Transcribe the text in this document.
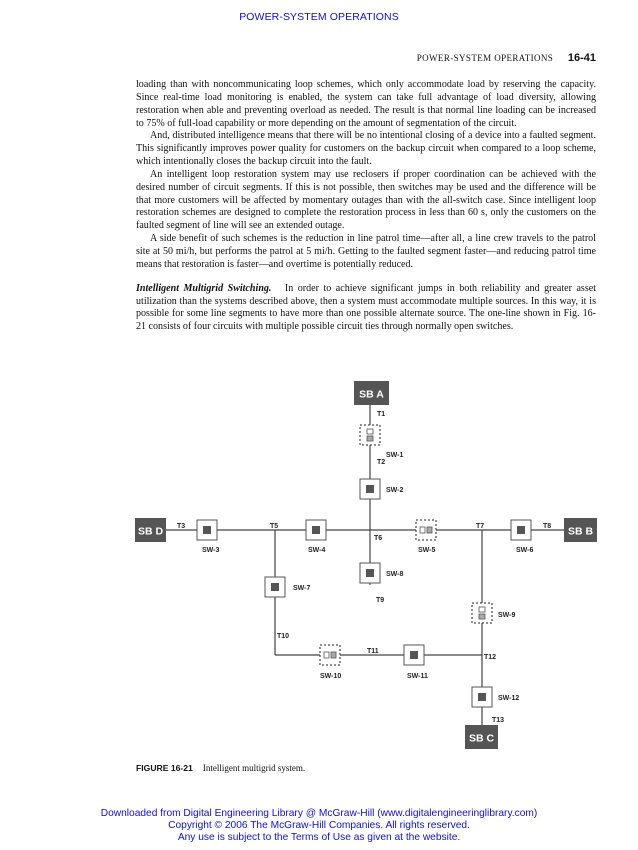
POWER-SYSTEM OPERATIONS
POWER-SYSTEM OPERATIONS 16-41

loading than with noncommunicating loop schemes, which only accommodate load by reserving the capacity. Since real-time load monitoring is enabled, the system can take full advantage of load diversity, allowing restoration when able and preventing overload as needed. The result is that normal line loading can be increased to 75% of full-load capability or more depending on the amount of segmentation of the circuit.

And, distributed intelligence means that there will be no intentional closing of a device into a faulted segment. This significantly improves power quality for customers on the backup circuit when compared to a loop scheme, which intentionally closes the backup circuit into the fault.

An intelligent loop restoration system may use reclosers if proper coordination can be achieved with the desired number of circuit segments. If this is not possible, then switches may be used and the difference will be that more customers will be affected by momentary outages than with the all-switch case. Since intelligent loop restoration schemes are designed to complete the restoration process in less than 60 s, only the customers on the faulted segment of line will see an extended outage.

A side benefit of such schemes is the reduction in line patrol time—after all, a line crew travels to the patrol site at 50 mi/h, but performs the patrol at 5 mi/h. Getting to the faulted segment faster—and reducing patrol time means that restoration is faster—and overtime is potentially reduced.

Intelligent Multigrid Switching. In order to achieve significant jumps in both reliability and greater asset utilization than the systems described above, then a system must accommodate multiple sources. In this way, it is possible for some line segments to have more than one possible alternate source. The one-line shown in Fig. 16-21 consists of four circuits with multiple possible circuit ties through normally open switches.

SB A
SB D	SB B
SB C
SW-1
SW-2
SW-3	SW-4	SW-5	SW-6
SW-7
SW-8
SW-9
SW-10	SW-11
SW-12
T1
T2
T3	T5
T6
T7	T8
T9
T10
T11
T12
T13
FIGURE 16-21 Intelligent multigrid system.
Downloaded from Digital Engineering Library @ McGraw-Hill (www.digitalengineeringlibrary.com)
Copyright © 2006 The McGraw-Hill Companies. All rights reserved.
Any use is subject to the Terms of Use as given at the website.
